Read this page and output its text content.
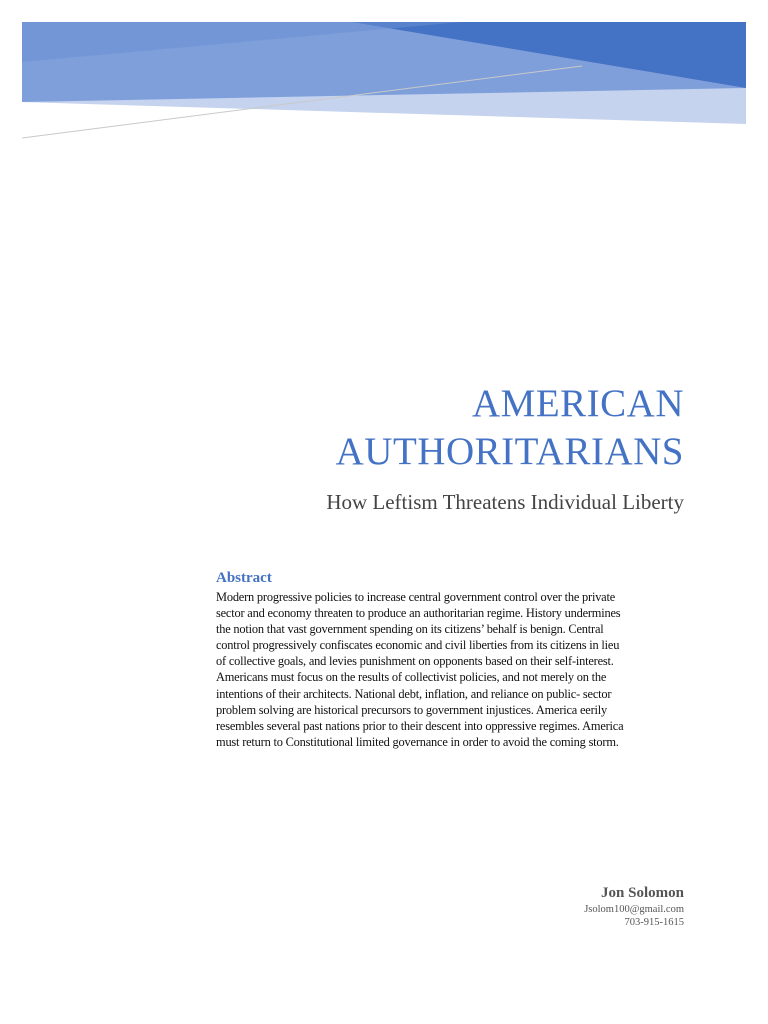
AMERICAN
AUTHORITARIANS
How Leftism Threatens Individual Liberty
Abstract

Modern progressive policies to increase central government control over the private
sector and economy threaten to produce an authoritarian regime. History undermines
the notion that vast government spending on its citizens’ behalf is benign. Central
control progressively confiscates economic and civil liberties from its citizens in lieu
of collective goals, and levies punishment on opponents based on their self-interest.
Americans must focus on the results of collectivist policies, and not merely on the
intentions of their architects. National debt, inflation, and reliance on public- sector
problem solving are historical precursors to government injustices. America eerily
resembles several past nations prior to their descent into oppressive regimes. America
must return to Constitutional limited governance in order to avoid the coming storm.

Jon Solomon

Jsolom100@gmail.com

703-915-1615
